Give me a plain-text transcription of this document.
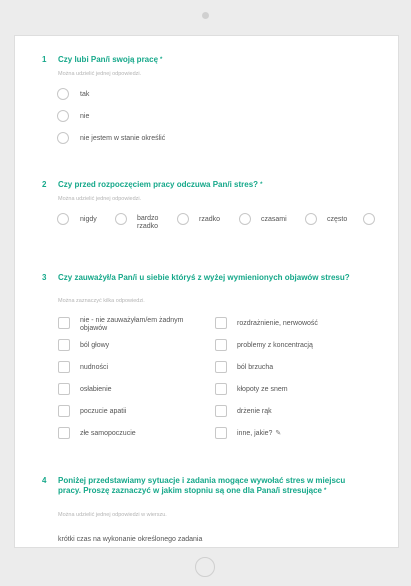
1 Czy lubi Pan/i swoją pracę *
Można udzielić jednej odpowiedzi.
tak
nie
nie jestem w stanie określić
2 Czy przed rozpoczęciem pracy odczuwa Pan/i stres? *
Można udzielić jednej odpowiedzi.
nigdy	bardzo rzadko
rzadko	czasami	często
3 Czy zauważył/a Pan/i u siebie któryś z wyżej wymienionych objawów stresu?
Można zaznaczyć kilka odpowiedzi.
nie - nie zauważyłam/em żadnym objawów
ból głowy
nudności
osłabienie
poczucie apatii
złe samopoczucie
rozdrażnienie, nerwowość
problemy z koncentracją
ból brzucha
kłopoty ze snem
drżenie rąk
inne, jakie? ✎
4 Poniżej przedstawiamy sytuacje i zadania mogące wywołać stres w miejscu pracy. Proszę zaznaczyć w jakim stopniu są one dla Pana/i stresujące *
Można udzielić jednej odpowiedzi w wierszu.
krótki czas na wykonanie określonego zadania
